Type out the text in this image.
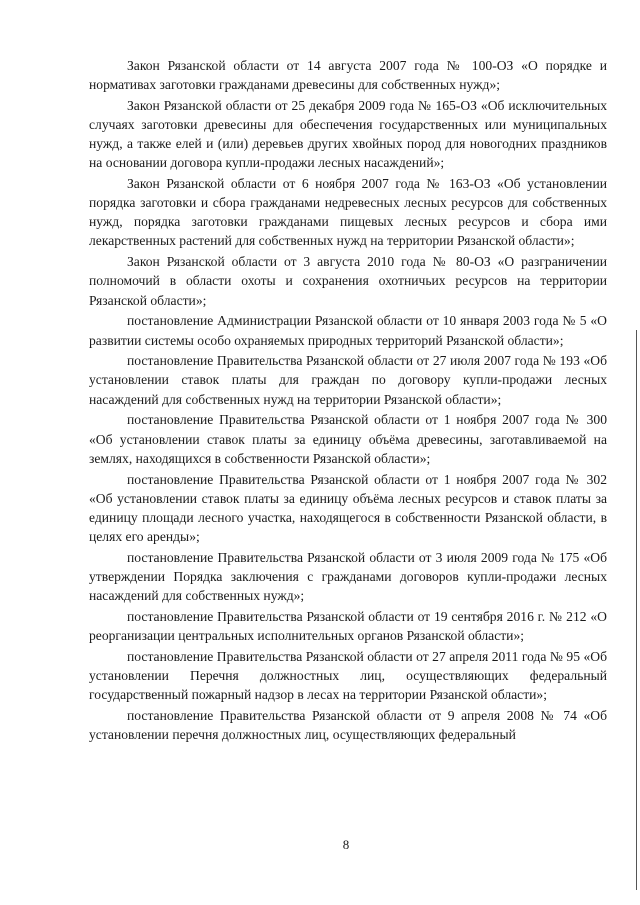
Закон Рязанской области от 14 августа 2007 года № 100-ОЗ «О порядке и нормативах заготовки гражданами древесины для собственных нужд»;

Закон Рязанской области от 25 декабря 2009 года № 165-ОЗ «Об исключительных случаях заготовки древесины для обеспечения государственных или муниципальных нужд, а также елей и (или) деревьев других хвойных пород для новогодних праздников на основании договора купли-продажи лесных насаждений»;

Закон Рязанской области от 6 ноября 2007 года № 163-ОЗ «Об установлении порядка заготовки и сбора гражданами недревесных лесных ресурсов для собственных нужд, порядка заготовки гражданами пищевых лесных ресурсов и сбора ими лекарственных растений для собственных нужд на территории Рязанской области»;

Закон Рязанской области от 3 августа 2010 года № 80-ОЗ «О разграничении полномочий в области охоты и сохранения охотничьих ресурсов на территории Рязанской области»;

постановление Администрации Рязанской области от 10 января 2003 года № 5 «О развитии системы особо охраняемых природных территорий Рязанской области»;

постановление Правительства Рязанской области от 27 июля 2007 года № 193 «Об установлении ставок платы для граждан по договору купли-продажи лесных насаждений для собственных нужд на территории Рязанской области»;

постановление Правительства Рязанской области от 1 ноября 2007 года № 300 «Об установлении ставок платы за единицу объёма древесины, заготавливаемой на землях, находящихся в собственности Рязанской области»;

постановление Правительства Рязанской области от 1 ноября 2007 года № 302 «Об установлении ставок платы за единицу объёма лесных ресурсов и ставок платы за единицу площади лесного участка, находящегося в собственности Рязанской области, в целях его аренды»;

постановление Правительства Рязанской области от 3 июля 2009 года № 175 «Об утверждении Порядка заключения с гражданами договоров купли-продажи лесных насаждений для собственных нужд»;

постановление Правительства Рязанской области от 19 сентября 2016 г. № 212 «О реорганизации центральных исполнительных органов Рязанской области»;

постановление Правительства Рязанской области от 27 апреля 2011 года № 95 «Об установлении Перечня должностных лиц, осуществляющих федеральный государственный пожарный надзор в лесах на территории Рязанской области»;

постановление Правительства Рязанской области от 9 апреля 2008 № 74 «Об установлении перечня должностных лиц, осуществляющих федеральный

8
